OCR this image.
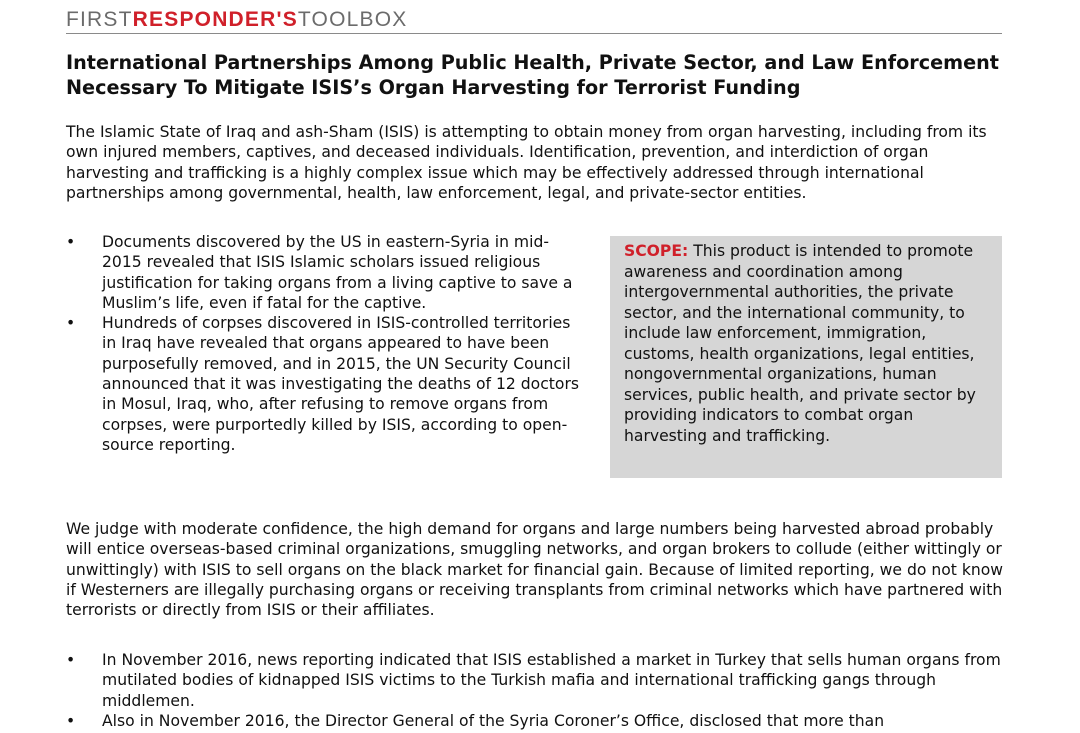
FIRSTRESPONDER'STOOLBOX
International Partnerships Among Public Health, Private Sector, and Law Enforcement Necessary To Mitigate ISIS’s Organ Harvesting for Terrorist Funding
The Islamic State of Iraq and ash-Sham (ISIS) is attempting to obtain money from organ harvesting, including from its own injured members, captives, and deceased individuals. Identification, prevention, and interdiction of organ harvesting and trafficking is a highly complex issue which may be effectively addressed through international partnerships among governmental, health, law enforcement, legal, and private-sector entities.
•	Documents discovered by the US in eastern-Syria in mid-2015 revealed that ISIS Islamic scholars issued religious justification for taking organs from a living captive to save a Muslim’s life, even if fatal for the captive.
•	Hundreds of corpses discovered in ISIS-controlled territories in Iraq have revealed that organs appeared to have been purposefully removed, and in 2015, the UN Security Council announced that it was investigating the deaths of 12 doctors in Mosul, Iraq, who, after refusing to remove organs from corpses, were purportedly killed by ISIS, according to open-source reporting.
SCOPE: This product is intended to promote awareness and coordination among intergovernmental authorities, the private sector, and the international community, to include law enforcement, immigration, customs, health organizations, legal entities, nongovernmental organizations, human services, public health, and private sector by providing indicators to combat organ harvesting and trafficking.
We judge with moderate confidence, the high demand for organs and large numbers being harvested abroad probably will entice overseas-based criminal organizations, smuggling networks, and organ brokers to collude (either wittingly or unwittingly) with ISIS to sell organs on the black market for financial gain. Because of limited reporting, we do not know if Westerners are illegally purchasing organs or receiving transplants from criminal networks which have partnered with terrorists or directly from ISIS or their affiliates.
•	In November 2016, news reporting indicated that ISIS established a market in Turkey that sells human organs from mutilated bodies of kidnapped ISIS victims to the Turkish mafia and international trafficking gangs through middlemen.
•	Also in November 2016, the Director General of the Syria Coroner’s Office, disclosed that more than
